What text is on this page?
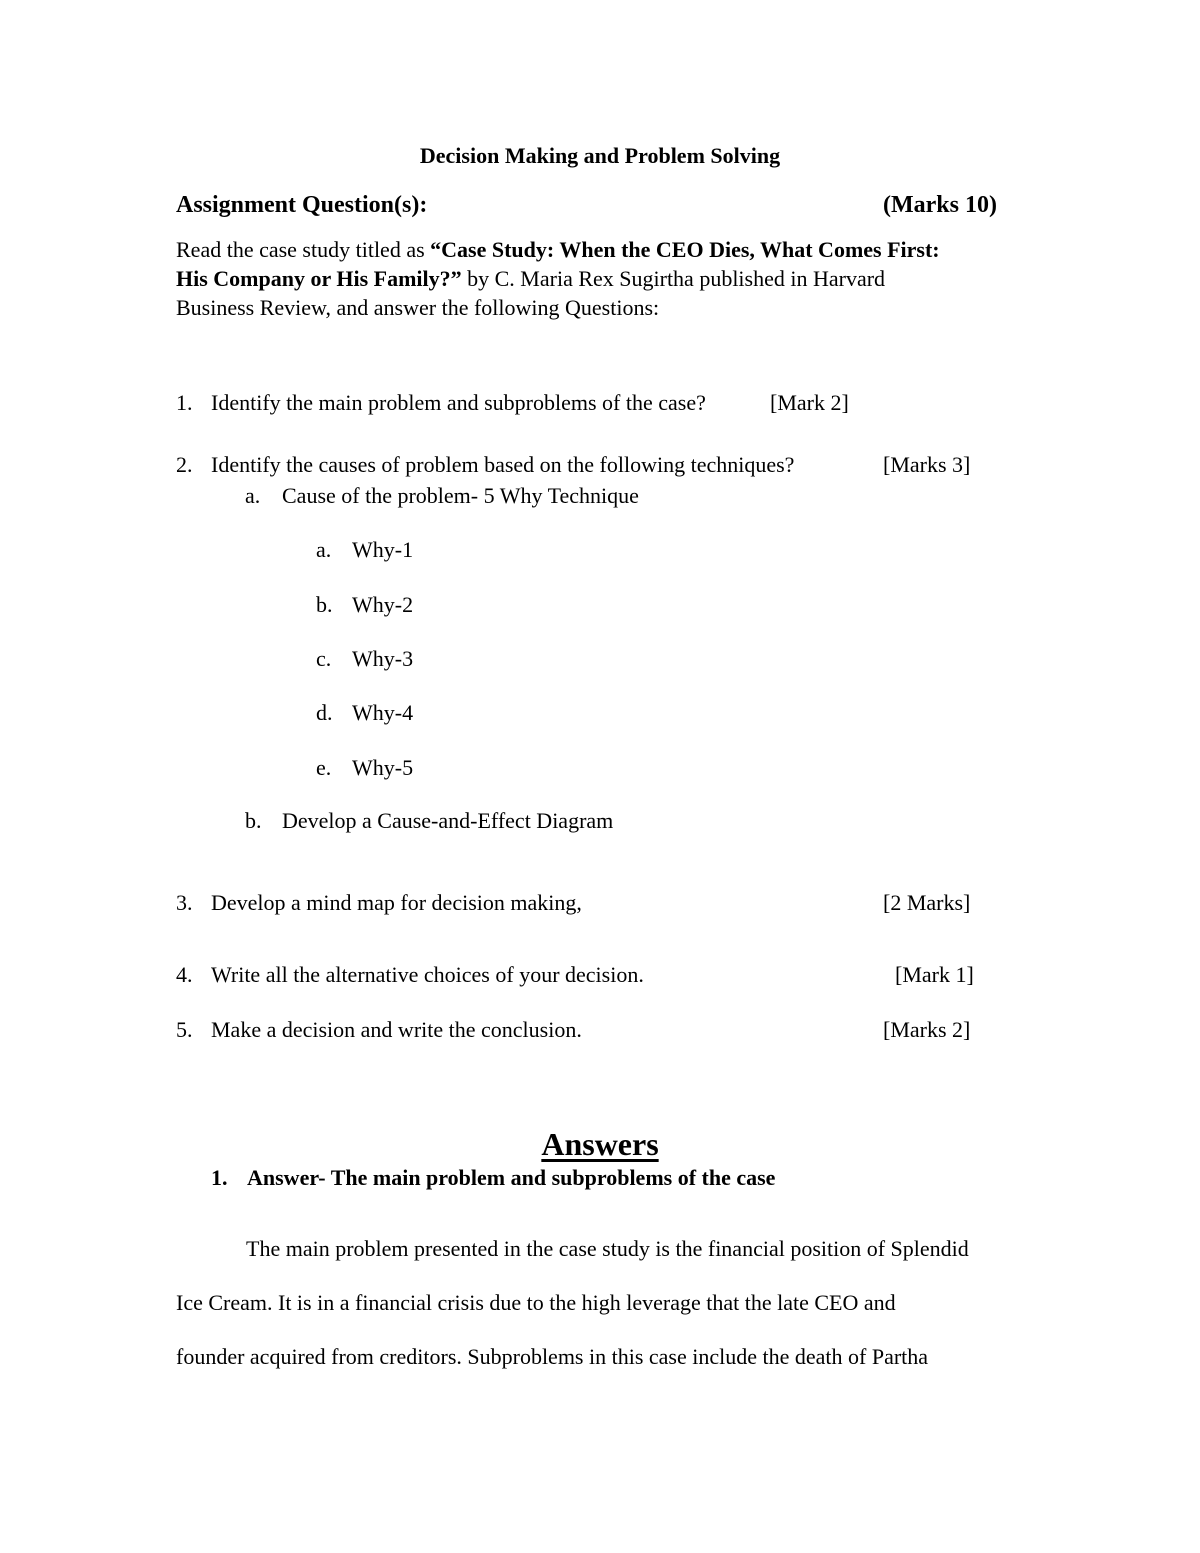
Decision Making and Problem Solving
Assignment Question(s):	(Marks 10)
Read the case study titled as “Case Study: When the CEO Dies, What Comes First:
His Company or His Family?” by C. Maria Rex Sugirtha published in Harvard
Business Review, and answer the following Questions:
1. Identify the main problem and subproblems of the case?	[Mark 2]
2. Identify the causes of problem based on the following techniques?	[Marks 3]
a. Cause of the problem- 5 Why Technique
a. Why-1
b. Why-2
c. Why-3
d. Why-4
e. Why-5
b. Develop a Cause-and-Effect Diagram
3. Develop a mind map for decision making,	[2 Marks]
4. Write all the alternative choices of your decision.	[Mark 1]
5. Make a decision and write the conclusion.	[Marks 2]
Answers
1. Answer- The main problem and subproblems of the case
The main problem presented in the case study is the financial position of Splendid
Ice Cream. It is in a financial crisis due to the high leverage that the late CEO and
founder acquired from creditors. Subproblems in this case include the death of Partha
